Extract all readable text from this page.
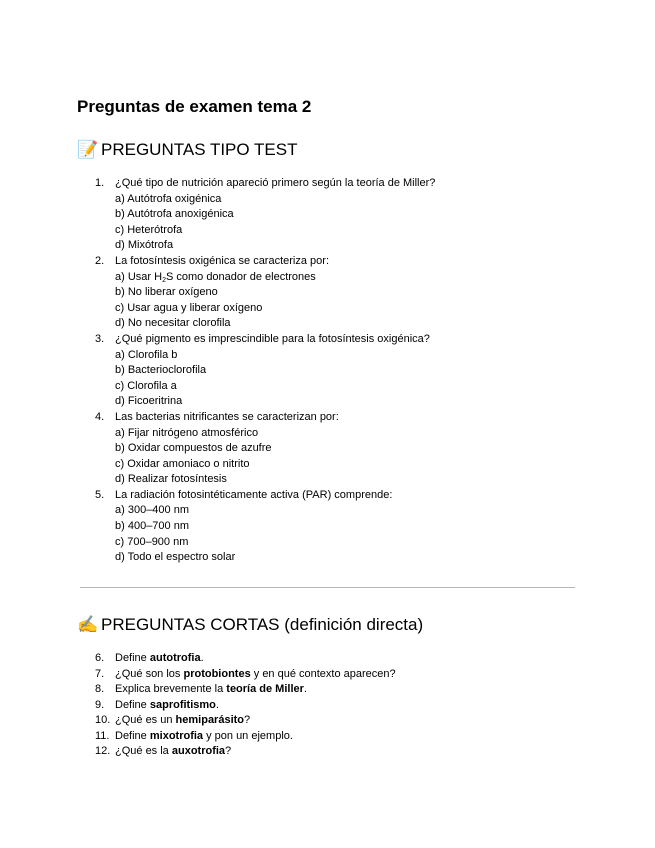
Preguntas de examen tema 2
📝 PREGUNTAS TIPO TEST
1. ¿Qué tipo de nutrición apareció primero según la teoría de Miller?
a) Autótrofa oxigénica
b) Autótrofa anoxigénica
c) Heterótrofa
d) Mixótrofa
2. La fotosíntesis oxigénica se caracteriza por:
a) Usar $H_2S$ como donador de electrones
b) No liberar oxígeno
c) Usar agua y liberar oxígeno
d) No necesitar clorofila
3. ¿Qué pigmento es imprescindible para la fotosíntesis oxigénica?
a) Clorofila b
b) Bacterioclorofila
c) Clorofila a
d) Ficoeritrina
4. Las bacterias nitrificantes se caracterizan por:
a) Fijar nitrógeno atmosférico
b) Oxidar compuestos de azufre
c) Oxidar amoniaco o nitrito
d) Realizar fotosíntesis
5. La radiación fotosintéticamente activa (PAR) comprende:
a) 300–400 nm
b) 400–700 nm
c) 700–900 nm
d) Todo el espectro solar
✍️ PREGUNTAS CORTAS (definición directa)
6. Define autotrofia.
7. ¿Qué son los protobiontes y en qué contexto aparecen?
8. Explica brevemente la teoría de Miller.
9. Define saprofitismo.
10. ¿Qué es un hemiparásito?
11. Define mixotrofia y pon un ejemplo.
12. ¿Qué es la auxotrofia?
